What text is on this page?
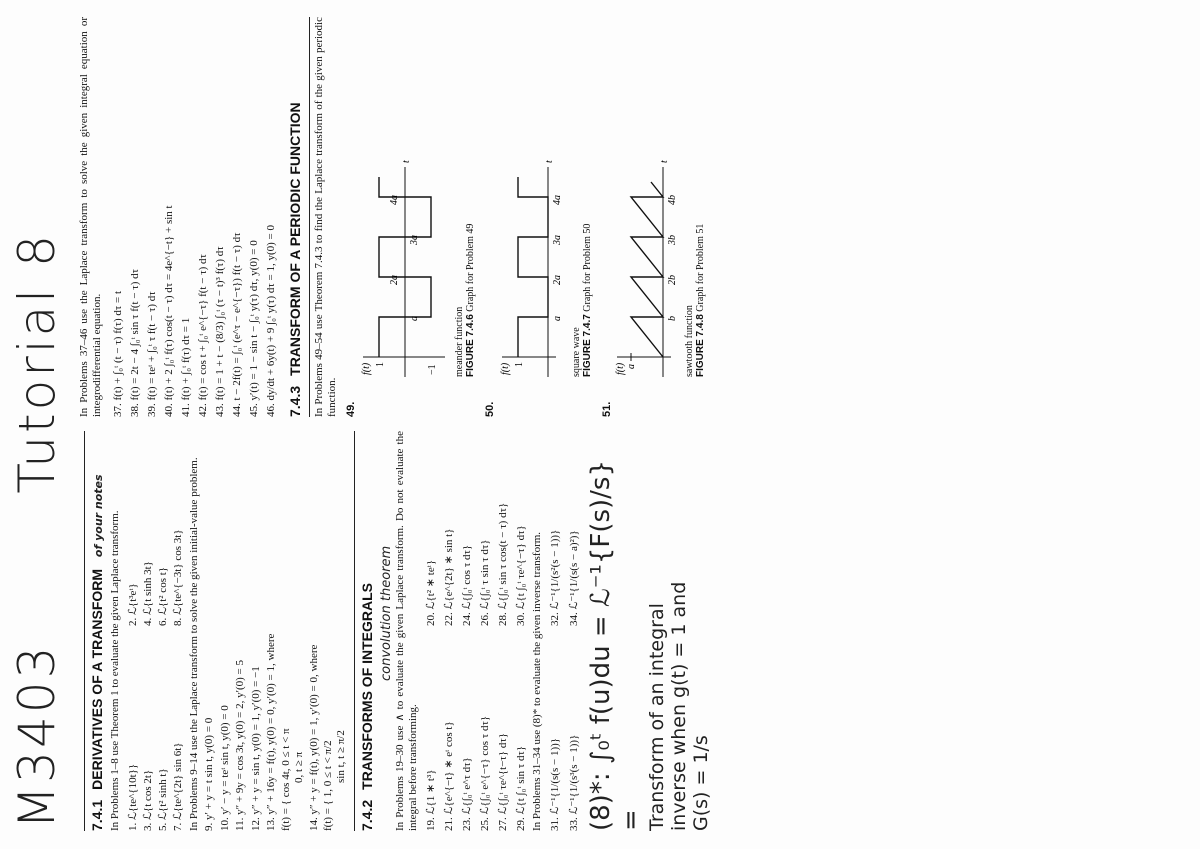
M3403Tutorial 8
7.4.1DERIVATIVES OF A TRANSFORM of your notes In Problems 1–8 use Theorem 1 to evaluate the given Laplace transform. 1. ℒ{te^{10t}}
2. ℒ{t³eᵗ}
3. ℒ{t cos 2t}
4. ℒ{t sinh 3t}
5. ℒ{t² sinh t}
6. ℒ{t² cos t}
7. ℒ{te^{2t} sin 6t}
8. ℒ{te^{−3t} cos 3t} In Problems 9–14 use the Laplace transform to solve the given initial-value problem. 9. y′ + y = t sin t, y(0) = 0 10. y′ − y = teᵗ sin t, y(0) = 0 11. y″ + 9y = cos 3t, y(0) = 2, y′(0) = 5 12. y″ + y = sin t, y(0) = 1, y′(0) = −1 13. y″ + 16y = f(t), y(0) = 0, y′(0) = 1, where f(t) = { cos 4t, 0 ≤ t < π
0, t ≥ π 14. y″ + y = f(t), y(0) = 1, y′(0) = 0, where f(t) = { 1, 0 ≤ t < π/2
sin t, t ≥ π/2
7.4.2TRANSFORMS OF INTEGRALS convolution theorem In Problems 19–30 use ∧ to evaluate the given Laplace transform. Do not evaluate the integral before transforming. 19. ℒ{1 ∗ t³}
20. ℒ{t² ∗ teᵗ}
21. ℒ{e^{−t} ∗ eᵗ cos t}
22. ℒ{e^{2t} ∗ sin t}
23. ℒ{∫₀ᵗ e^τ dτ}
24. ℒ{∫₀ᵗ cos τ dτ}
25. ℒ{∫₀ᵗ e^{−τ} cos τ dτ}
26. ℒ{∫₀ᵗ τ sin τ dτ}
27. ℒ{∫₀ᵗ τe^{t−τ} dτ}
28. ℒ{∫₀ᵗ sin τ cos(t − τ) dτ}
29. ℒ{t ∫₀ᵗ sin τ dτ}
30. ℒ{t ∫₀ᵗ τe^{−τ} dτ} In Problems 31–34 use (8)* to evaluate the given inverse transform. 31. ℒ⁻¹{1/(s(s − 1))}
32. ℒ⁻¹{1/(s²(s − 1))}
33. ℒ⁻¹{1/(s³(s − 1))}
34. ℒ⁻¹{1/(s(s − a)²)} (8)*: ∫₀ᵗ f(u)du = ℒ⁻¹{F(s)/s} = Transform of an integral inverse when g(t) = 1 and G(s) = 1/s
In Problems 37–46 use the Laplace transform to solve the given integral equation or integrodifferential equation. 37. f(t) + ∫₀ᵗ (t − τ) f(τ) dτ = t 38. f(t) = 2t − 4 ∫₀ᵗ sin τ f(t − τ) dτ 39. f(t) = teᵗ + ∫₀ᵗ τ f(t − τ) dτ 40. f(t) + 2 ∫₀ᵗ f(τ) cos(t − τ) dτ = 4e^{−t} + sin t 41. f(t) + ∫₀ᵗ f(τ) dτ = 1 42. f(t) = cos t + ∫₀ᵗ e^{−τ} f(t − τ) dτ 43. f(t) = 1 + t − (8/3) ∫₀ᵗ (τ − t)³ f(τ) dτ 44. t − 2f(t) = ∫₀ᵗ (e^τ − e^{−τ}) f(t − τ) dτ 45. y′(t) = 1 − sin t − ∫₀ᵗ y(τ) dτ, y(0) = 0 46. dy/dt + 6y(t) + 9 ∫₀ᵗ y(τ) dτ = 1, y(0) = 0 7.4.3TRANSFORM OF A PERIODIC FUNCTION In Problems 49–54 use Theorem 7.4.3 to find the Laplace transform of the given periodic function. 49.
f(t) 1	−1
a
2a
3a
4a
t
meander function
FIGURE 7.4.6 Graph for Problem 49
50.
f(t) 1
a
2a
3a
4a
t
square wave
FIGURE 7.4.7 Graph for Problem 50
51.
f(t) a
b
2b
3b
4b
t
sawtooth function
FIGURE 7.4.8 Graph for Problem 51
